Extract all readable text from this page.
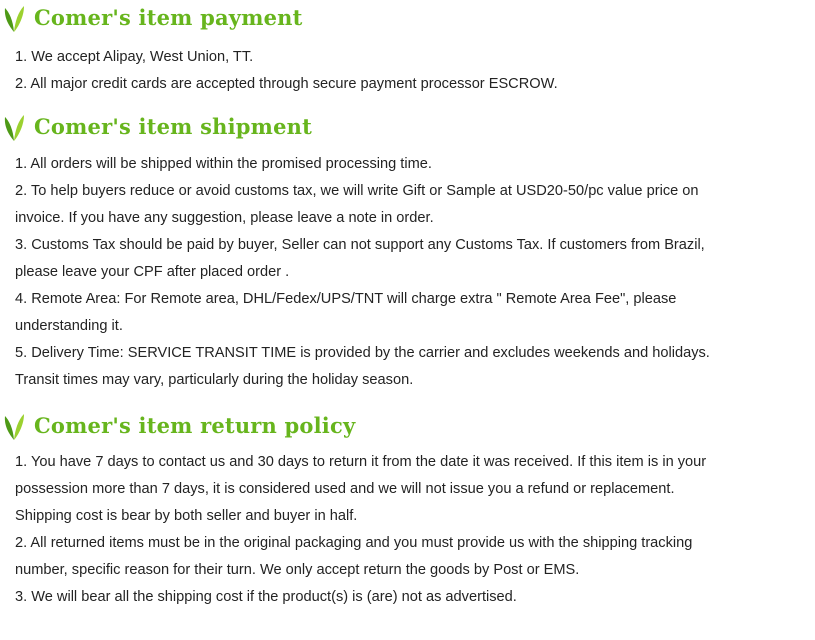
Comer's item payment
1. We accept Alipay, West Union, TT.
2. All major credit cards are accepted through secure payment processor ESCROW.
Comer's item shipment
1. All orders will be shipped within the promised processing time.
2. To help buyers reduce or avoid customs tax, we will write Gift or Sample at USD20-50/pc value price on
invoice. If you have any suggestion, please leave a note in order.
3. Customs Tax should be paid by buyer, Seller can not support any Customs Tax. If customers from Brazil,
please leave your CPF after placed order .
4. Remote Area: For Remote area, DHL/Fedex/UPS/TNT will charge extra " Remote Area Fee", please
understanding it.
5. Delivery Time: SERVICE TRANSIT TIME is provided by the carrier and excludes weekends and holidays.
Transit times may vary, particularly during the holiday season.
Comer's item return policy
1. You have 7 days to contact us and 30 days to return it from the date it was received. If this item is in your
possession more than 7 days, it is considered used and we will not issue you a refund or replacement.
Shipping cost is bear by both seller and buyer in half.
2. All returned items must be in the original packaging and you must provide us with the shipping tracking
number, specific reason for their turn. We only accept return the goods by Post or EMS.
3. We will bear all the shipping cost if the product(s) is (are) not as advertised.
